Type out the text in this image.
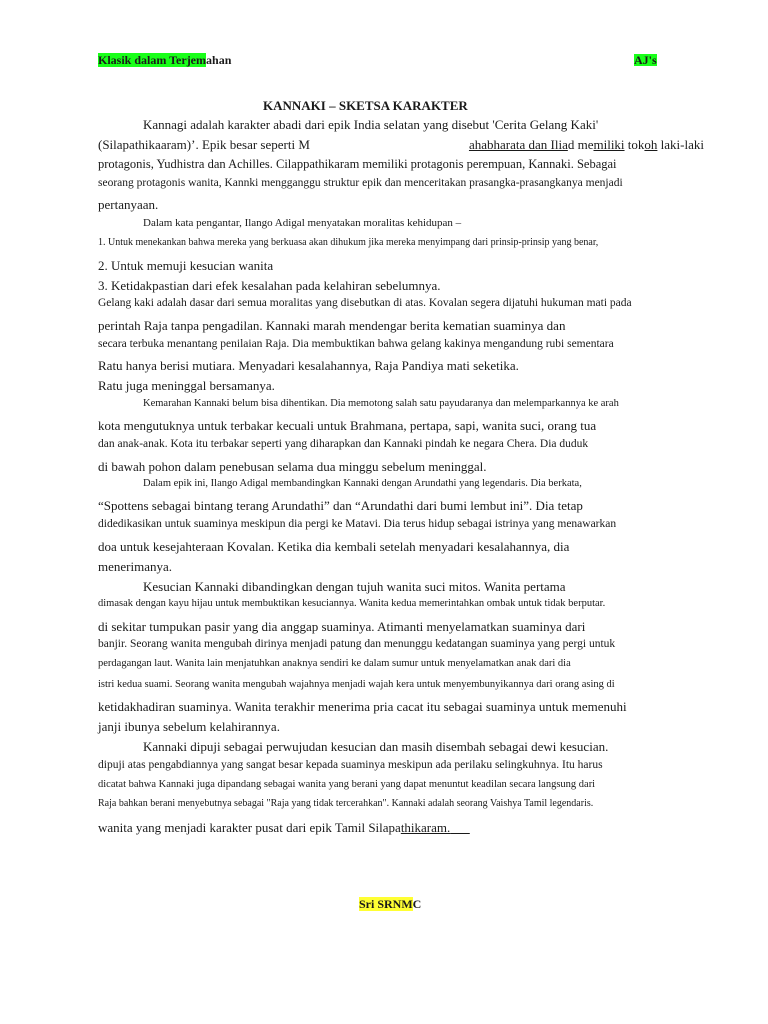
Klasik dalam Terjemahan	AJ's
KANNAKI – SKETSA KARAKTER
Kannagi adalah karakter abadi dari epik India selatan yang disebut 'Cerita Gelang Kaki'
(Silapathikaaram)’. Epik besar seperti M	ahabharata dan Iliad memiliki tokoh laki-laki
protagonis, Yudhistra dan Achilles. Cilappathikaram memiliki protagonis perempuan, Kannaki. Sebagai
seorang protagonis wanita, Kannki mengganggu struktur epik dan menceritakan prasangka-prasangkanya menjadi
pertanyaan.
Dalam kata pengantar, Ilango Adigal menyatakan moralitas kehidupan –
1. Untuk menekankan bahwa mereka yang berkuasa akan dihukum jika mereka menyimpang dari prinsip-prinsip yang benar,
2. Untuk memuji kesucian wanita
3. Ketidakpastian dari efek kesalahan pada kelahiran sebelumnya.
Gelang kaki adalah dasar dari semua moralitas yang disebutkan di atas. Kovalan segera dijatuhi hukuman mati pada
perintah Raja tanpa pengadilan. Kannaki marah mendengar berita kematian suaminya dan
secara terbuka menantang penilaian Raja. Dia membuktikan bahwa gelang kakinya mengandung rubi sementara
Ratu hanya berisi mutiara. Menyadari kesalahannya, Raja Pandiya mati seketika.
Ratu juga meninggal bersamanya.
Kemarahan Kannaki belum bisa dihentikan. Dia memotong salah satu payudaranya dan melemparkannya ke arah
kota mengutuknya untuk terbakar kecuali untuk Brahmana, pertapa, sapi, wanita suci, orang tua
dan anak-anak. Kota itu terbakar seperti yang diharapkan dan Kannaki pindah ke negara Chera. Dia duduk
di bawah pohon dalam penebusan selama dua minggu sebelum meninggal.
Dalam epik ini, Ilango Adigal membandingkan Kannaki dengan Arundathi yang legendaris. Dia berkata,
“Spottens sebagai bintang terang Arundathi” dan “Arundathi dari bumi lembut ini”. Dia tetap
didedikasikan untuk suaminya meskipun dia pergi ke Matavi. Dia terus hidup sebagai istrinya yang menawarkan
doa untuk kesejahteraan Kovalan. Ketika dia kembali setelah menyadari kesalahannya, dia
menerimanya.
Kesucian Kannaki dibandingkan dengan tujuh wanita suci mitos. Wanita pertama
dimasak dengan kayu hijau untuk membuktikan kesuciannya. Wanita kedua memerintahkan ombak untuk tidak berputar.
di sekitar tumpukan pasir yang dia anggap suaminya. Atimanti menyelamatkan suaminya dari
banjir. Seorang wanita mengubah dirinya menjadi patung dan menunggu kedatangan suaminya yang pergi untuk
perdagangan laut. Wanita lain menjatuhkan anaknya sendiri ke dalam sumur untuk menyelamatkan anak dari dia
istri kedua suami. Seorang wanita mengubah wajahnya menjadi wajah kera untuk menyembunyikannya dari orang asing di
ketidakhadiran suaminya. Wanita terakhir menerima pria cacat itu sebagai suaminya untuk memenuhi
janji ibunya sebelum kelahirannya.
Kannaki dipuji sebagai perwujudan kesucian dan masih disembah sebagai dewi kesucian.
dipuji atas pengabdiannya yang sangat besar kepada suaminya meskipun ada perilaku selingkuhnya. Itu harus
dicatat bahwa Kannaki juga dipandang sebagai wanita yang berani yang dapat menuntut keadilan secara langsung dari
Raja bahkan berani menyebutnya sebagai "Raja yang tidak tercerahkan". Kannaki adalah seorang Vaishya Tamil legendaris.
wanita yang menjadi karakter pusat dari epik Tamil Silapathikaram.
Sri SRNMC
